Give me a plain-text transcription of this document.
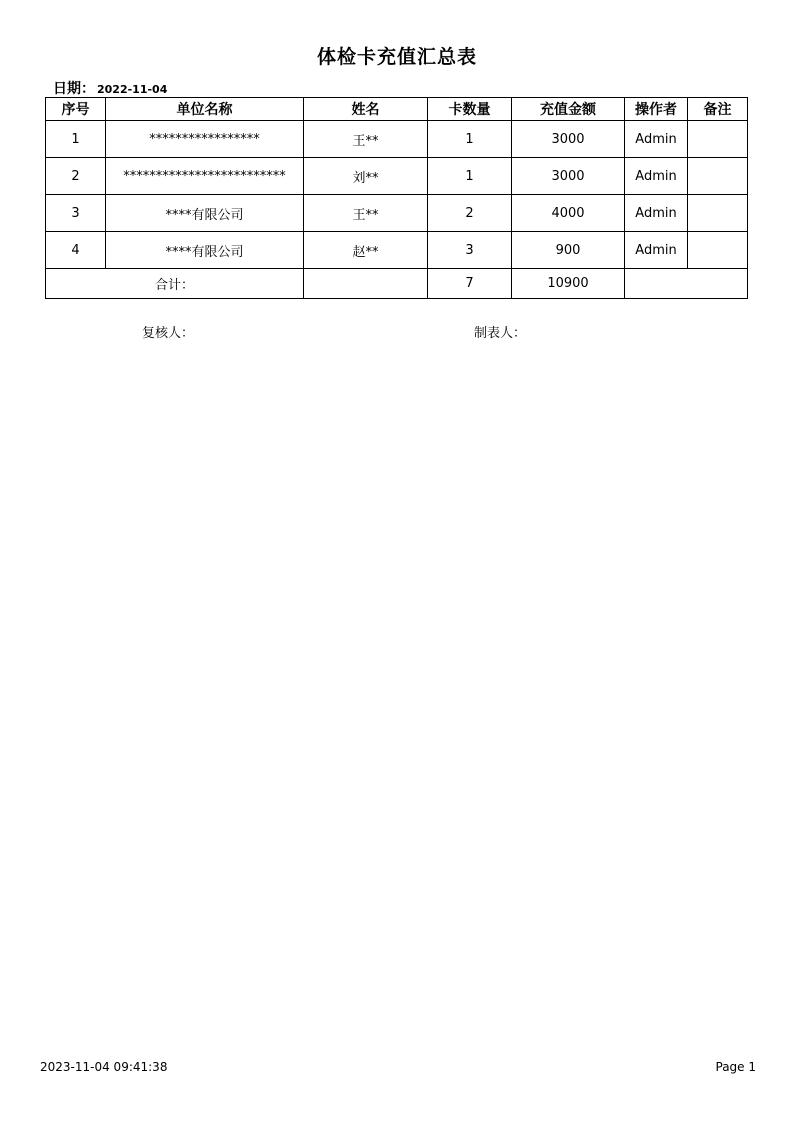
体检卡充值汇总表
日期： 2022-11-04
序号	单位名称	姓名	卡数量	充值金额	操作者	备注
1	*****************	王**	1	3000	Admin	
2	*************************	刘**	1	3000	Admin	
3	****有限公司	王**	2	4000	Admin	
4	****有限公司	赵**	3	900	Admin	
合计：			7	10900		
复核人：	制表人：
2023-11-04 09:41:38	Page 1
